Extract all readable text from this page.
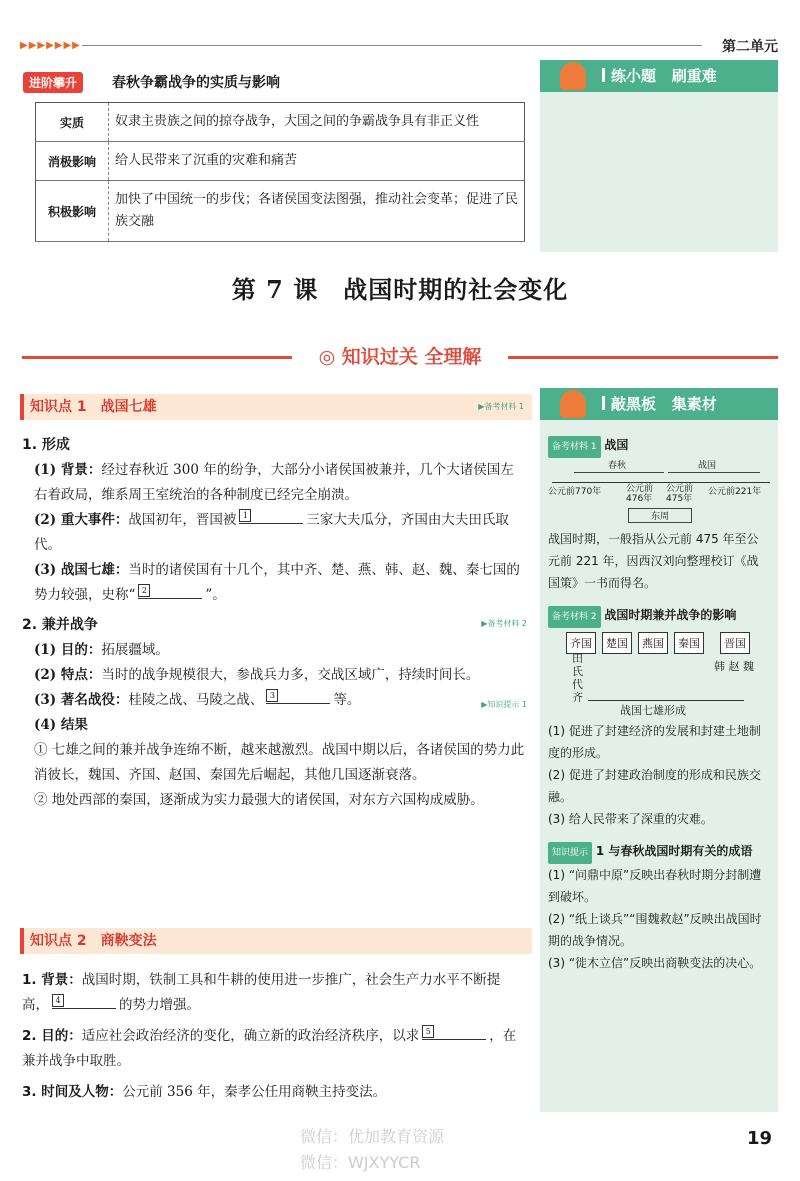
▶▶▶▶▶▶▶	第二单元
进阶攀升	春秋争霸战争的实质与影响
实质	奴隶主贵族之间的掠夺战争，大国之间的争霸战争具有非正义性
消极影响	给人民带来了沉重的灾难和痛苦
积极影响	加快了中国统一的步伐；各诸侯国变法图强，推动社会变革；促进了民族交融
练小题 刷重难
第 7 课　战国时期的社会变化
◎ 知识过关 全理解
知识点 1　战国七雄	▶备考材料 1
1. 形成
(1) 背景：经过春秋近 300 年的纷争，大部分小诸侯国被兼并，几个大诸侯国左右着政局，维系周王室统治的各种制度已经完全崩溃。
(2) 重大事件：战国初年，晋国被 1	三家大夫瓜分，齐国由大夫田氏取代。
(3) 战国七雄：当时的诸侯国有十几个，其中齐、楚、燕、韩、赵、魏、秦七国的势力较强，史称“ 2	”。
2. 兼并战争	▶备考材料 2
(1) 目的：拓展疆域。
(2) 特点：当时的战争规模很大，参战兵力多，交战区域广，持续时间长。
(3) 著名战役：桂陵之战、马陵之战、 3	等。	▶知识提示 1
(4) 结果
① 七雄之间的兼并战争连绵不断，越来越激烈。战国中期以后，各诸侯国的势力此消彼长，魏国、齐国、赵国、秦国先后崛起，其他几国逐渐衰落。
② 地处西部的秦国，逐渐成为实力最强大的诸侯国，对东方六国构成威胁。
知识点 2　商鞅变法
1. 背景：战国时期，铁制工具和牛耕的使用进一步推广，社会生产力水平不断提高， 4	的势力增强。
2. 目的：适应社会政治经济的变化，确立新的政治经济秩序，以求 5	，在兼并战争中取胜。
3. 时间及人物：公元前 356 年，秦孝公任用商鞅主持变法。
敲黑板 集素材
备考材料 1 战国
春秋	战国
公元前770年	公元前476年
公元前475年
公元前221年
东周
战国时期，一般指从公元前 475 年至公元前 221 年，因西汉刘向整理校订《战国策》一书而得名。
备考材料 2 战国时期兼并战争的影响
齐国	楚国	燕国	秦国	晋国
田氏代齐
韩 赵 魏
战国七雄形成
(1) 促进了封建经济的发展和封建土地制度的形成。
(2) 促进了封建政治制度的形成和民族交融。
(3) 给人民带来了深重的灾难。
知识提示 1 与春秋战国时期有关的成语
(1) “问鼎中原”反映出春秋时期分封制遭到破坏。
(2) “纸上谈兵”“围魏救赵”反映出战国时期的战争情况。
(3) “徙木立信”反映出商鞅变法的决心。
19
微信：优加教育资源
微信：WJXYYCR
